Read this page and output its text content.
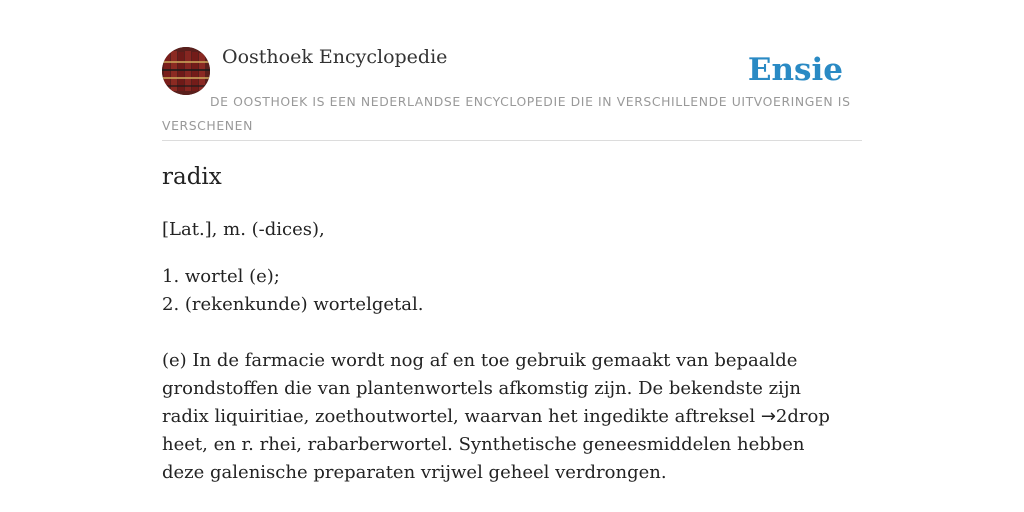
Oosthoek Encyclopedie	Ensie
DE OOSTHOEK IS EEN NEDERLANDSE ENCYCLOPEDIE DIE IN VERSCHILLENDE UITVOERINGEN IS VERSCHENEN
radix

[Lat.], m. (-dices),

1. wortel (e);
2. (rekenkunde) wortelgetal.

(e) In de farmacie wordt nog af en toe gebruik gemaakt van bepaalde grondstoffen die van plantenwortels afkomstig zijn. De bekendste zijn radix liquiritiae, zoethoutwortel, waarvan het ingedikte aftreksel →2drop heet, en r. rhei, rabarberwortel. Synthetische geneesmiddelen hebben deze galenische preparaten vrijwel geheel verdrongen.
